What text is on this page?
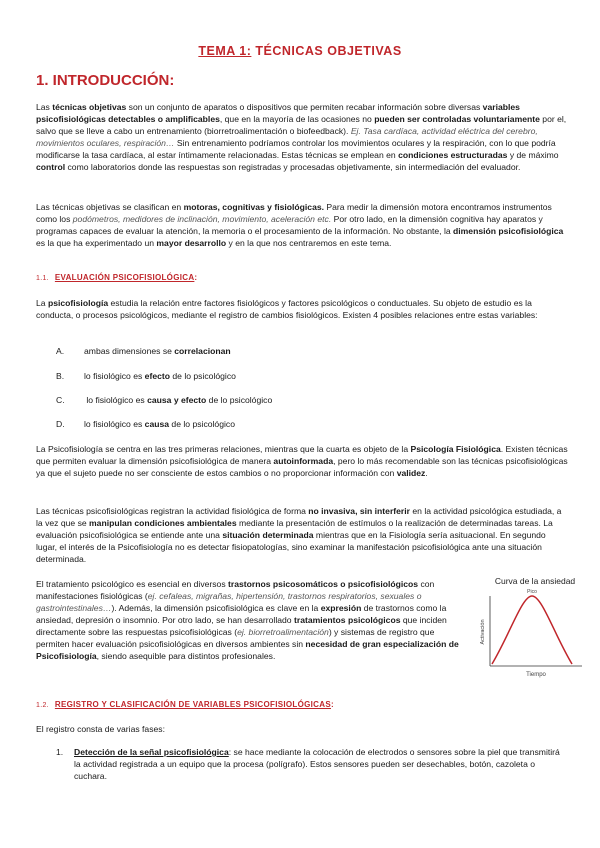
TEMA 1: TÉCNICAS OBJETIVAS
1. INTRODUCCIÓN:

Las técnicas objetivas son un conjunto de aparatos o dispositivos que permiten recabar información sobre diversas variables psicofisiológicas detectables o amplificables, que en la mayoría de las ocasiones no pueden ser controladas voluntariamente por el, salvo que se lleve a cabo un entrenamiento (biorretroalimentación o biofeedback). Ej. Tasa cardíaca, actividad eléctrica del cerebro, movimientos oculares, respiración… Sin entrenamiento podríamos controlar los movimientos oculares y la respiración, con lo que podría modificarse la tasa cardíaca, al estar íntimamente relacionadas. Estas técnicas se emplean en condiciones estructuradas y de máximo control como laboratorios donde las respuestas son registradas y procesadas objetivamente, sin intermediación del evaluador.

Las técnicas objetivas se clasifican en motoras, cognitivas y fisiológicas. Para medir la dimensión motora encontramos instrumentos como los podómetros, medidores de inclinación, movimiento, aceleración etc. Por otro lado, en la dimensión cognitiva hay aparatos y programas capaces de evaluar la atención, la memoria o el procesamiento de la información. No obstante, la dimensión psicofisiológica es la que ha experimentado un mayor desarrollo y en la que nos centraremos en este tema.

1.1. EVALUACIÓN PSICOFISIOLÓGICA:

La psicofisiología estudia la relación entre factores fisiológicos y factores psicológicos o conductuales. Su objeto de estudio es la conducta, o procesos psicológicos, mediante el registro de cambios fisiológicos. Existen 4 posibles relaciones entre estas variables:

A. ambas dimensiones se correlacionan
B. lo fisiológico es efecto de lo psicológico
C. lo fisiológico es causa y efecto de lo psicológico
D. lo fisiológico es causa de lo psicológico

La Psicofisiología se centra en las tres primeras relaciones, mientras que la cuarta es objeto de la Psicología Fisiológica. Existen técnicas que permiten evaluar la dimensión psicofisiológica de manera autoinformada, pero lo más recomendable son las técnicas psicofisiológicas ya que el sujeto puede no ser consciente de estos cambios o no proporcionar información con validez.

Las técnicas psicofisiológicas registran la actividad fisiológica de forma no invasiva, sin interferir en la actividad psicológica estudiada, a la vez que se manipulan condiciones ambientales mediante la presentación de estímulos o la realización de determinadas tareas. La evaluación psicofisiológica se entiende ante una situación determinada mientras que en la Fisiología sería asituacional. En segundo lugar, el interés de la Psicofisiología no es detectar fisiopatologías, sino examinar la manifestación psicofisiológica ante una situación determinada.

El tratamiento psicológico es esencial en diversos trastornos psicosomáticos o psicofisiológicos con manifestaciones fisiológicas (ej. cefaleas, migrañas, hipertensión, trastornos respiratorios, sexuales o gastrointestinales…). Además, la dimensión psicofisiológica es clave en la expresión de trastornos como la ansiedad, depresión o insomnio. Por otro lado, se han desarrollado tratamientos psicológicos que inciden directamente sobre las respuestas psicofisiológicas (ej. biorretroalimentación) y sistemas de registro que permiten hacer evaluación psicofisiológicas en diversos ambientes sin necesidad de gran especialización de Psicofisiología, siendo asequible para distintos profesionales.

Curva de la ansiedad
Pico
Activación
Tiempo
1.2. REGISTRO Y CLASIFICACIÓN DE VARIABLES PSICOFISIOLÓGICAS:

El registro consta de varias fases:

1. Detección de la señal psicofisiológica: se hace mediante la colocación de electrodos o sensores sobre la piel que transmitirá la actividad registrada a un equipo que la procesa (polígrafo). Estos sensores pueden ser desechables, botón, cazoleta o cuchara.
